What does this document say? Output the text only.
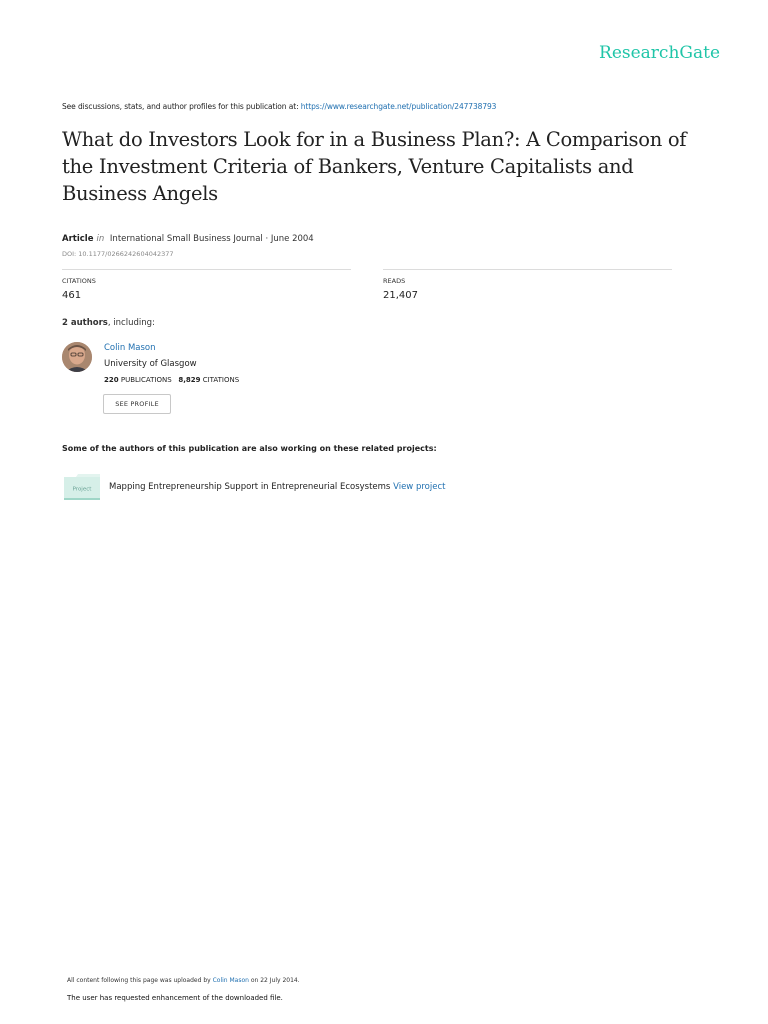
ResearchGate
See discussions, stats, and author profiles for this publication at: https://www.researchgate.net/publication/247738793
What do Investors Look for in a Business Plan?: A Comparison of the Investment Criteria of Bankers, Venture Capitalists and Business Angels
Article in International Small Business Journal · June 2004
DOI: 10.1177/0266242604042377
CITATIONS
461
READS
21,407
2 authors, including:
Colin Mason
University of Glasgow
220 PUBLICATIONS 8,829 CITATIONS
SEE PROFILE
Some of the authors of this publication are also working on these related projects:
Project Mapping Entrepreneurship Support in Entrepreneurial Ecosystems View project
All content following this page was uploaded by Colin Mason on 22 July 2014.
The user has requested enhancement of the downloaded file.
